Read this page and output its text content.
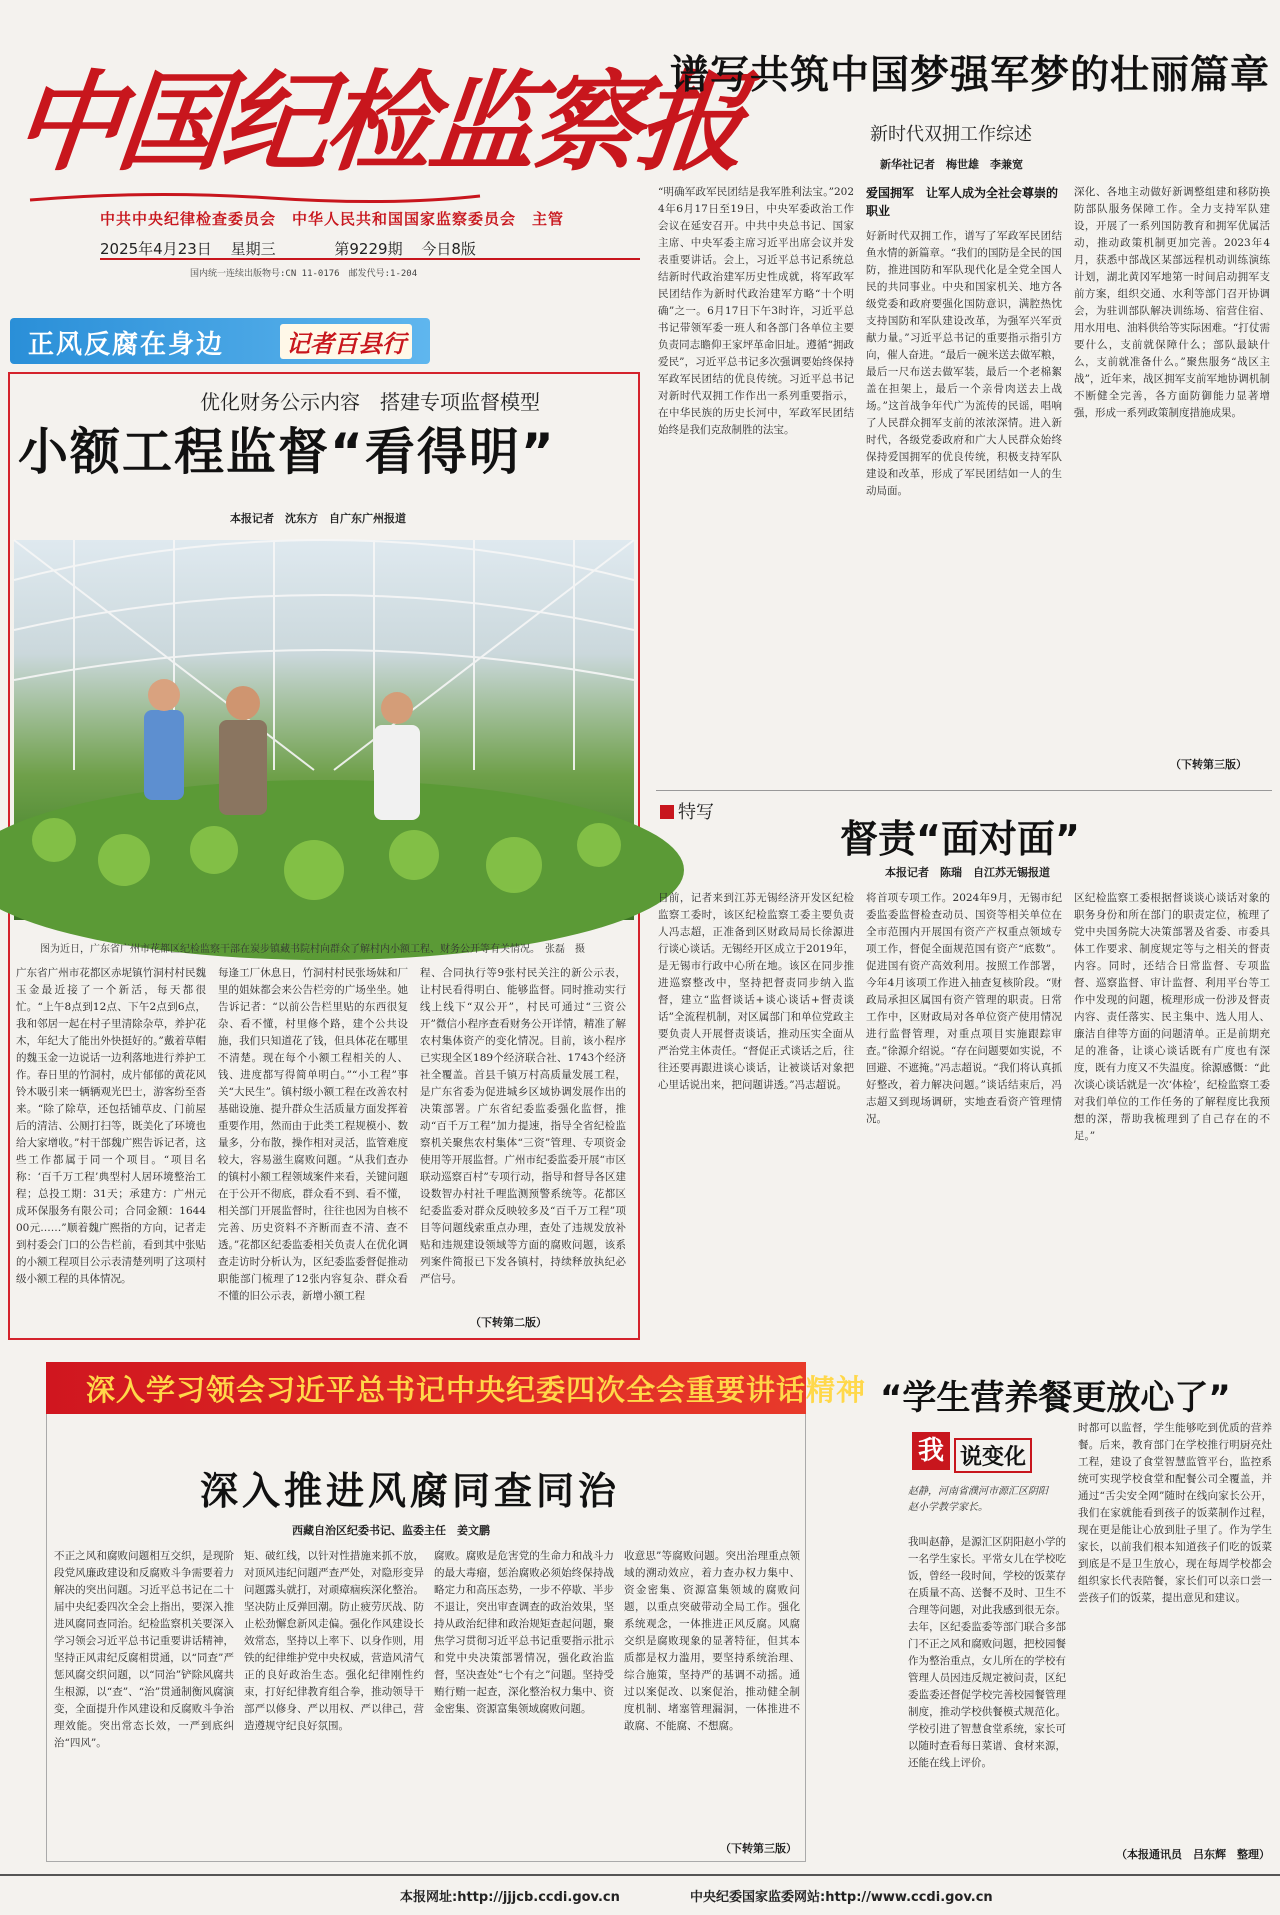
中国纪检监察报
中共中央纪律检查委员会　中华人民共和国国家监察委员会　主管
2025年4月23日 星期三	第9229期 今日8版
国内统一连续出版物号:CN 11-0176　邮发代号:1-204
正风反腐在身边	记者百县行
优化财务公示内容　搭建专项监督模型
小额工程监督“看得明”
本报记者　沈东方　自广东广州报道
图为近日，广东省广州市花都区纪检监察干部在炭步镇藏书院村向群众了解村内小额工程、财务公开等有关情况。　张磊　摄
广东省广州市花都区赤坭镇竹洞村村民魏玉金最近接了一个新活，每天都很忙。“上午8点到12点、下午2点到6点，我和邻居一起在村子里清除杂草，养护花木，年纪大了能出外快挺好的。”戴着草帽的魏玉金一边说话一边利落地进行养护工作。春日里的竹洞村，成片郁郁的黄花风铃木吸引来一辆辆观光巴士，游客纷至沓来。“除了除草，还包括铺草皮、门前屋后的清洁、公厕打扫等，既美化了环境也给大家增收。”村干部魏广熙告诉记者，这些工作都属于同一个项目。“项目名称：‘百千万工程’典型村人居环境整治工程；总投工期：31天；承建方：广州元成环保服务有限公司；合同金额：164400元……”顺着魏广熙指的方向，记者走到村委会门口的公告栏前，看到其中张贴的小额工程项目公示表清楚列明了这项村级小额工程的具体情况。
每逢工厂休息日，竹洞村村民张场妹和厂里的姐妹都会来公告栏旁的广场坐坐。她告诉记者：“以前公告栏里贴的东西很复杂、看不懂，村里修个路，建个公共设施，我们只知道花了钱，但具体花在哪里不清楚。现在每个小额工程相关的人、钱、进度都写得简单明白。”“小工程”事关“大民生”。镇村级小额工程在改善农村基础设施、提升群众生活质量方面发挥着重要作用，然而由于此类工程规模小、数量多，分布散，操作相对灵活，监管难度较大，容易滋生腐败问题。“从我们查办的镇村小额工程领域案件来看，关键问题在于公开不彻底，群众看不到、看不懂，相关部门开展监督时，往往也因为自核不完善、历史资料不齐断而查不清、查不透。”花都区纪委监委相关负责人在优化调查走访时分析认为，区纪委监委督促推动职能部门梳理了12张内容复杂、群众看不懂的旧公示表，新增小额工程
程、合同执行等9张村民关注的新公示表，让村民看得明白、能够监督。同时推动实行线上线下“双公开”，村民可通过“三资公开”微信小程序查看财务公开详情，精准了解农村集体资产的变化情况。目前，该小程序已实现全区189个经济联合社、1743个经济社全覆盖。首县千镇万村高质量发展工程，是广东省委为促进城乡区域协调发展作出的决策部署。广东省纪委监委强化监督，推动“百千万工程”加力提速，指导全省纪检监察机关聚焦农村集体“三资”管理、专项资金使用等开展监督。广州市纪委监委开展“市区联动巡察百村”专项行动，指导和督导各区建设数智办村社千哩监测预警系统等。花都区纪委监委对群众反映较多及“百千万工程”项目等问题线索重点办理，查处了违规发放补贴和违规建设领域等方面的腐败问题，该系列案件简报已下发各镇村，持续释放执纪必严信号。
（下转第二版）
谱写共筑中国梦强军梦的壮丽篇章
新时代双拥工作综述
新华社记者　梅世雄　李兼宽
“明确军政军民团结是我军胜利法宝。”2024年6月17日至19日，中央军委政治工作会议在延安召开。中共中央总书记、国家主席、中央军委主席习近平出席会议并发表重要讲话。会上，习近平总书记系统总结新时代政治建军历史性成就，将军政军民团结作为新时代政治建军方略“十个明确”之一。6月17日下午3时许，习近平总书记带领军委一班人和各部门各单位主要负责同志瞻仰王家坪革命旧址。遵循“拥政爱民”，习近平总书记多次强调要始终保持军政军民团结的优良传统。习近平总书记对新时代双拥工作作出一系列重要指示，在中华民族的历史长河中，军政军民团结始终是我们克敌制胜的法宝。
爱国拥军　让军人成为全社会尊崇的职业
好新时代双拥工作，谱写了军政军民团结鱼水情的新篇章。“我们的国防是全民的国防，推进国防和军队现代化是全党全国人民的共同事业。中央和国家机关、地方各级党委和政府要强化国防意识，满腔热忱支持国防和军队建设改革，为强军兴军贡献力量。”习近平总书记的重要指示指引方向，催人奋进。“最后一碗米送去做军粮，最后一尺布送去做军装，最后一个老棉絮盖在担架上，最后一个亲骨肉送去上战场。”这首战争年代广为流传的民谣，唱响了人民群众拥军支前的浓浓深情。进入新时代，各级党委政府和广大人民群众始终保持爱国拥军的优良传统，积极支持军队建设和改革，形成了军民团结如一人的生动局面。
深化、各地主动做好新调整组建和移防换防部队服务保障工作。全力支持军队建设，开展了一系列国防教育和拥军优属活动，推动政策机制更加完善。2023年4月，获悉中部战区某部远程机动训练演练计划，湖北黄冈军地第一时间启动拥军支前方案，组织交通、水利等部门召开协调会，为驻训部队解决训练场、宿营住宿、用水用电、油料供给等实际困难。“打仗需要什么，支前就保障什么；部队最缺什么，支前就准备什么。”聚焦服务“战区主战”，近年来，战区拥军支前军地协调机制不断健全完善，各方面防御能力显著增强，形成一系列政策制度措施成果。
（下转第三版）
特写
督责“面对面”
本报记者　陈瑞　自江苏无锡报道
日前，记者来到江苏无锡经济开发区纪检监察工委时，该区纪检监察工委主要负责人冯志超，正准备到区财政局局长徐源进行谈心谈话。无锡经开区成立于2019年，是无锡市行政中心所在地。该区在同步推进巡察整改中，坚持把督责同步纳入监督，建立“监督谈话+谈心谈话+督责谈话”全流程机制，对区属部门和单位党政主要负责人开展督责谈话，推动压实全面从严治党主体责任。“督促正式谈话之后，往往还要再跟进谈心谈话，让被谈话对象把心里话说出来，把问题讲透。”冯志超说。
将首项专项工作。2024年9月，无锡市纪委监委监督检查动员、国资等相关单位在全市范围内开展国有资产产权重点领域专项工作，督促全面规范国有资产“底数”。促进国有资产高效利用。按照工作部署，今年4月该项工作进入抽查复核阶段。“财政局承担区属国有资产管理的职责。日常工作中，区财政局对各单位资产使用情况进行监督管理，对重点项目实施跟踪审查。”徐源介绍说。“存在问题要如实说，不回避、不遮掩。”冯志超说。“我们将认真抓好整改，着力解决问题。”谈话结束后，冯志超又到现场调研，实地查看资产管理情况。
区纪检监察工委根据督谈谈心谈话对象的职务身份和所在部门的职责定位，梳理了党中央国务院大决策部署及省委、市委具体工作要求、制度规定等与之相关的督责内容。同时，还结合日常监督、专项监督、巡察监督、审计监督、利用平台等工作中发现的问题，梳理形成一份涉及督责内容、责任落实、民主集中、选人用人、廉洁自律等方面的问题清单。正是前期充足的准备，让谈心谈话既有广度也有深度，既有力度又不失温度。徐源感慨：“此次谈心谈话就是一次‘体检’，纪检监察工委对我们单位的工作任务的了解程度比我预想的深，帮助我梳理到了自己存在的不足。”
深入学习领会习近平总书记中央纪委四次全会重要讲话精神
深入推进风腐同查同治
西藏自治区纪委书记、监委主任　姜文鹏
不正之风和腐败问题相互交织，是现阶段党风廉政建设和反腐败斗争需要着力解决的突出问题。习近平总书记在二十届中央纪委四次全会上指出，要深入推进风腐同查同治。纪检监察机关要深入学习领会习近平总书记重要讲话精神，坚持正风肃纪反腐相贯通，以“同查”严惩风腐交织问题，以“同治”铲除风腐共生根源，以“查”、“治”贯通制衡风腐演变，全面提升作风建设和反腐败斗争治理效能。突出常态长效，一严到底纠治“四风”。
矩、破红线，以针对性措施来抓不放，对顶风违纪问题严查严处，对隐形变异问题露头就打，对顽瘴痼疾深化整治。坚决防止反弹回潮。防止疲劳厌战、防止松劲懈怠新风走偏。强化作风建设长效常态，坚持以上率下、以身作则，用铁的纪律维护党中央权威，营造风清气正的良好政治生态。强化纪律刚性约束，打好纪律教育组合拳，推动领导干部严以修身、严以用权、严以律己，营造遵规守纪良好氛围。
腐败。腐败是危害党的生命力和战斗力的最大毒瘤，惩治腐败必须始终保持战略定力和高压态势，一步不停歇、半步不退让，突出审查调查的政治效果，坚持从政治纪律和政治规矩查起问题，聚焦学习贯彻习近平总书记重要指示批示和党中央决策部署情况，强化政治监督，坚决查处“七个有之”问题。坚持受贿行贿一起查，深化整治权力集中、资金密集、资源富集领域腐败问题。
收意思”等腐败问题。突出治理重点领域的溯动效应，着力查办权力集中、资金密集、资源富集领域的腐败问题，以重点突破带动全局工作。强化系统观念，一体推进正风反腐。风腐交织是腐败现象的显著特征，但其本质都是权力滥用，要坚持系统治理、综合施策，坚持严的基调不动摇。通过以案促改、以案促治，推动健全制度机制、堵塞管理漏洞，一体推进不敢腐、不能腐、不想腐。
（下转第三版）
“学生营养餐更放心了”
我 说变化
赵静，河南省濮河市源汇区阴阳赵小学教学家长。
我叫赵静，是源汇区阴阳赵小学的一名学生家长。平常女儿在学校吃饭，曾经一段时间，学校的饭菜存在质量不高、送餐不及时、卫生不合理等问题，对此我感到很无奈。去年，区纪委监委等部门联合多部门不正之风和腐败问题，把校园餐作为整治重点，女儿所在的学校有管理人员因违反规定被问责，区纪委监委还督促学校完善校园餐管理制度，推动学校供餐模式规范化。学校引进了智慧食堂系统，家长可以随时查看每日菜谱、食材来源，还能在线上评价。
时都可以监督，学生能够吃到优质的营养餐。后来，教育部门在学校推行明厨亮灶工程，建设了食堂智慧监管平台，监控系统可实现学校食堂和配餐公司全覆盖，并通过“舌尖安全网”随时在线向家长公开，我们在家就能看到孩子的饭菜制作过程，现在更是能让心放到肚子里了。作为学生家长，以前我们根本知道孩子们吃的饭菜到底是不是卫生放心，现在每周学校都会组织家长代表陪餐，家长们可以亲口尝一尝孩子们的饭菜，提出意见和建议。
（本报通讯员　吕东辉　整理）
本报网址:http://jjjcb.ccdi.gov.cn	中央纪委国家监委网站:http://www.ccdi.gov.cn
